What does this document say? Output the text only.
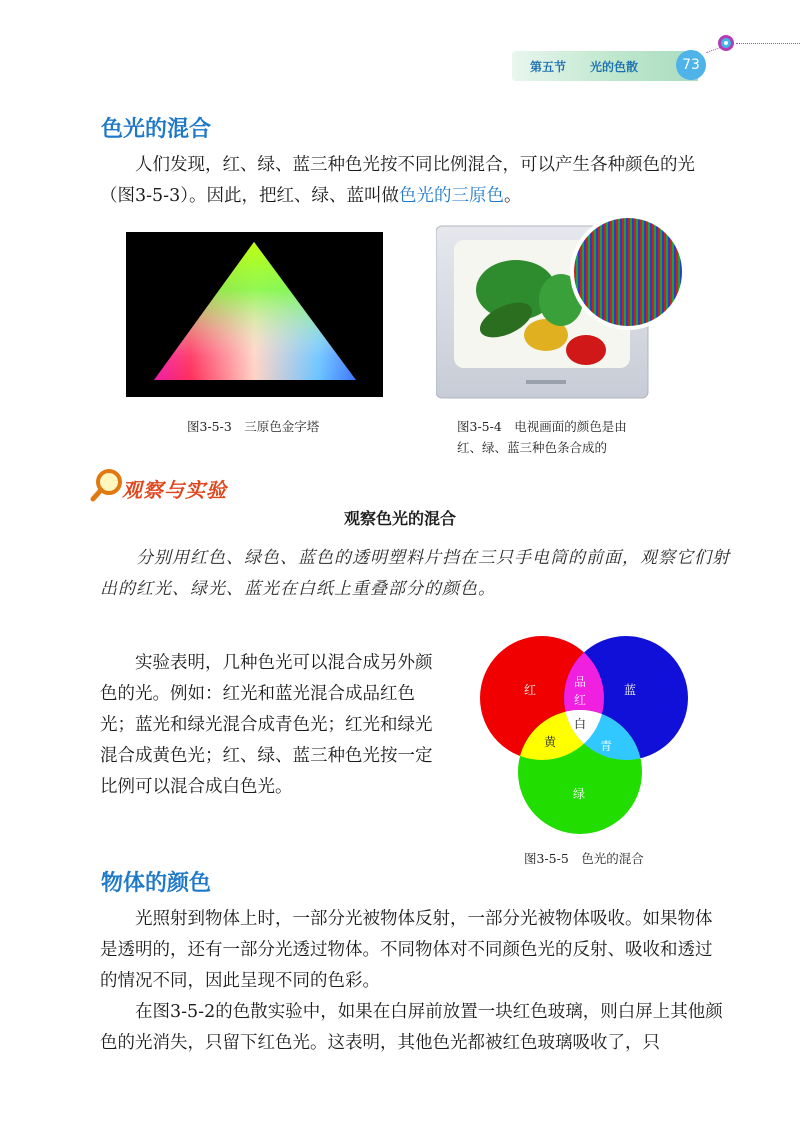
第五节 光的色散	73
色光的混合
人们发现，红、绿、蓝三种色光按不同比例混合，可以产生各种颜色的光（图3-5-3）。因此，把红、绿、蓝叫做色光的三原色。
图3-5-3　三原色金字塔	图3-5-4　电视画面的颜色是由
红、绿、蓝三种色条合成的
观察与实验
观察色光的混合
分别用红色、绿色、蓝色的透明塑料片挡在三只手电筒的前面，观察它们射出的红光、绿光、蓝光在白纸上重叠部分的颜色。
实验表明，几种色光可以混合成另外颜色的光。例如：红光和蓝光混合成品红色光；蓝光和绿光混合成青色光；红光和绿光混合成黄色光；红、绿、蓝三种色光按一定比例可以混合成白色光。
红	蓝
品
红
白
黄	青
绿
图3-5-5　色光的混合
物体的颜色
光照射到物体上时，一部分光被物体反射，一部分光被物体吸收。如果物体是透明的，还有一部分光透过物体。不同物体对不同颜色光的反射、吸收和透过的情况不同，因此呈现不同的色彩。
在图3-5-2的色散实验中，如果在白屏前放置一块红色玻璃，则白屏上其他颜色的光消失，只留下红色光。这表明，其他色光都被红色玻璃吸收了，只
